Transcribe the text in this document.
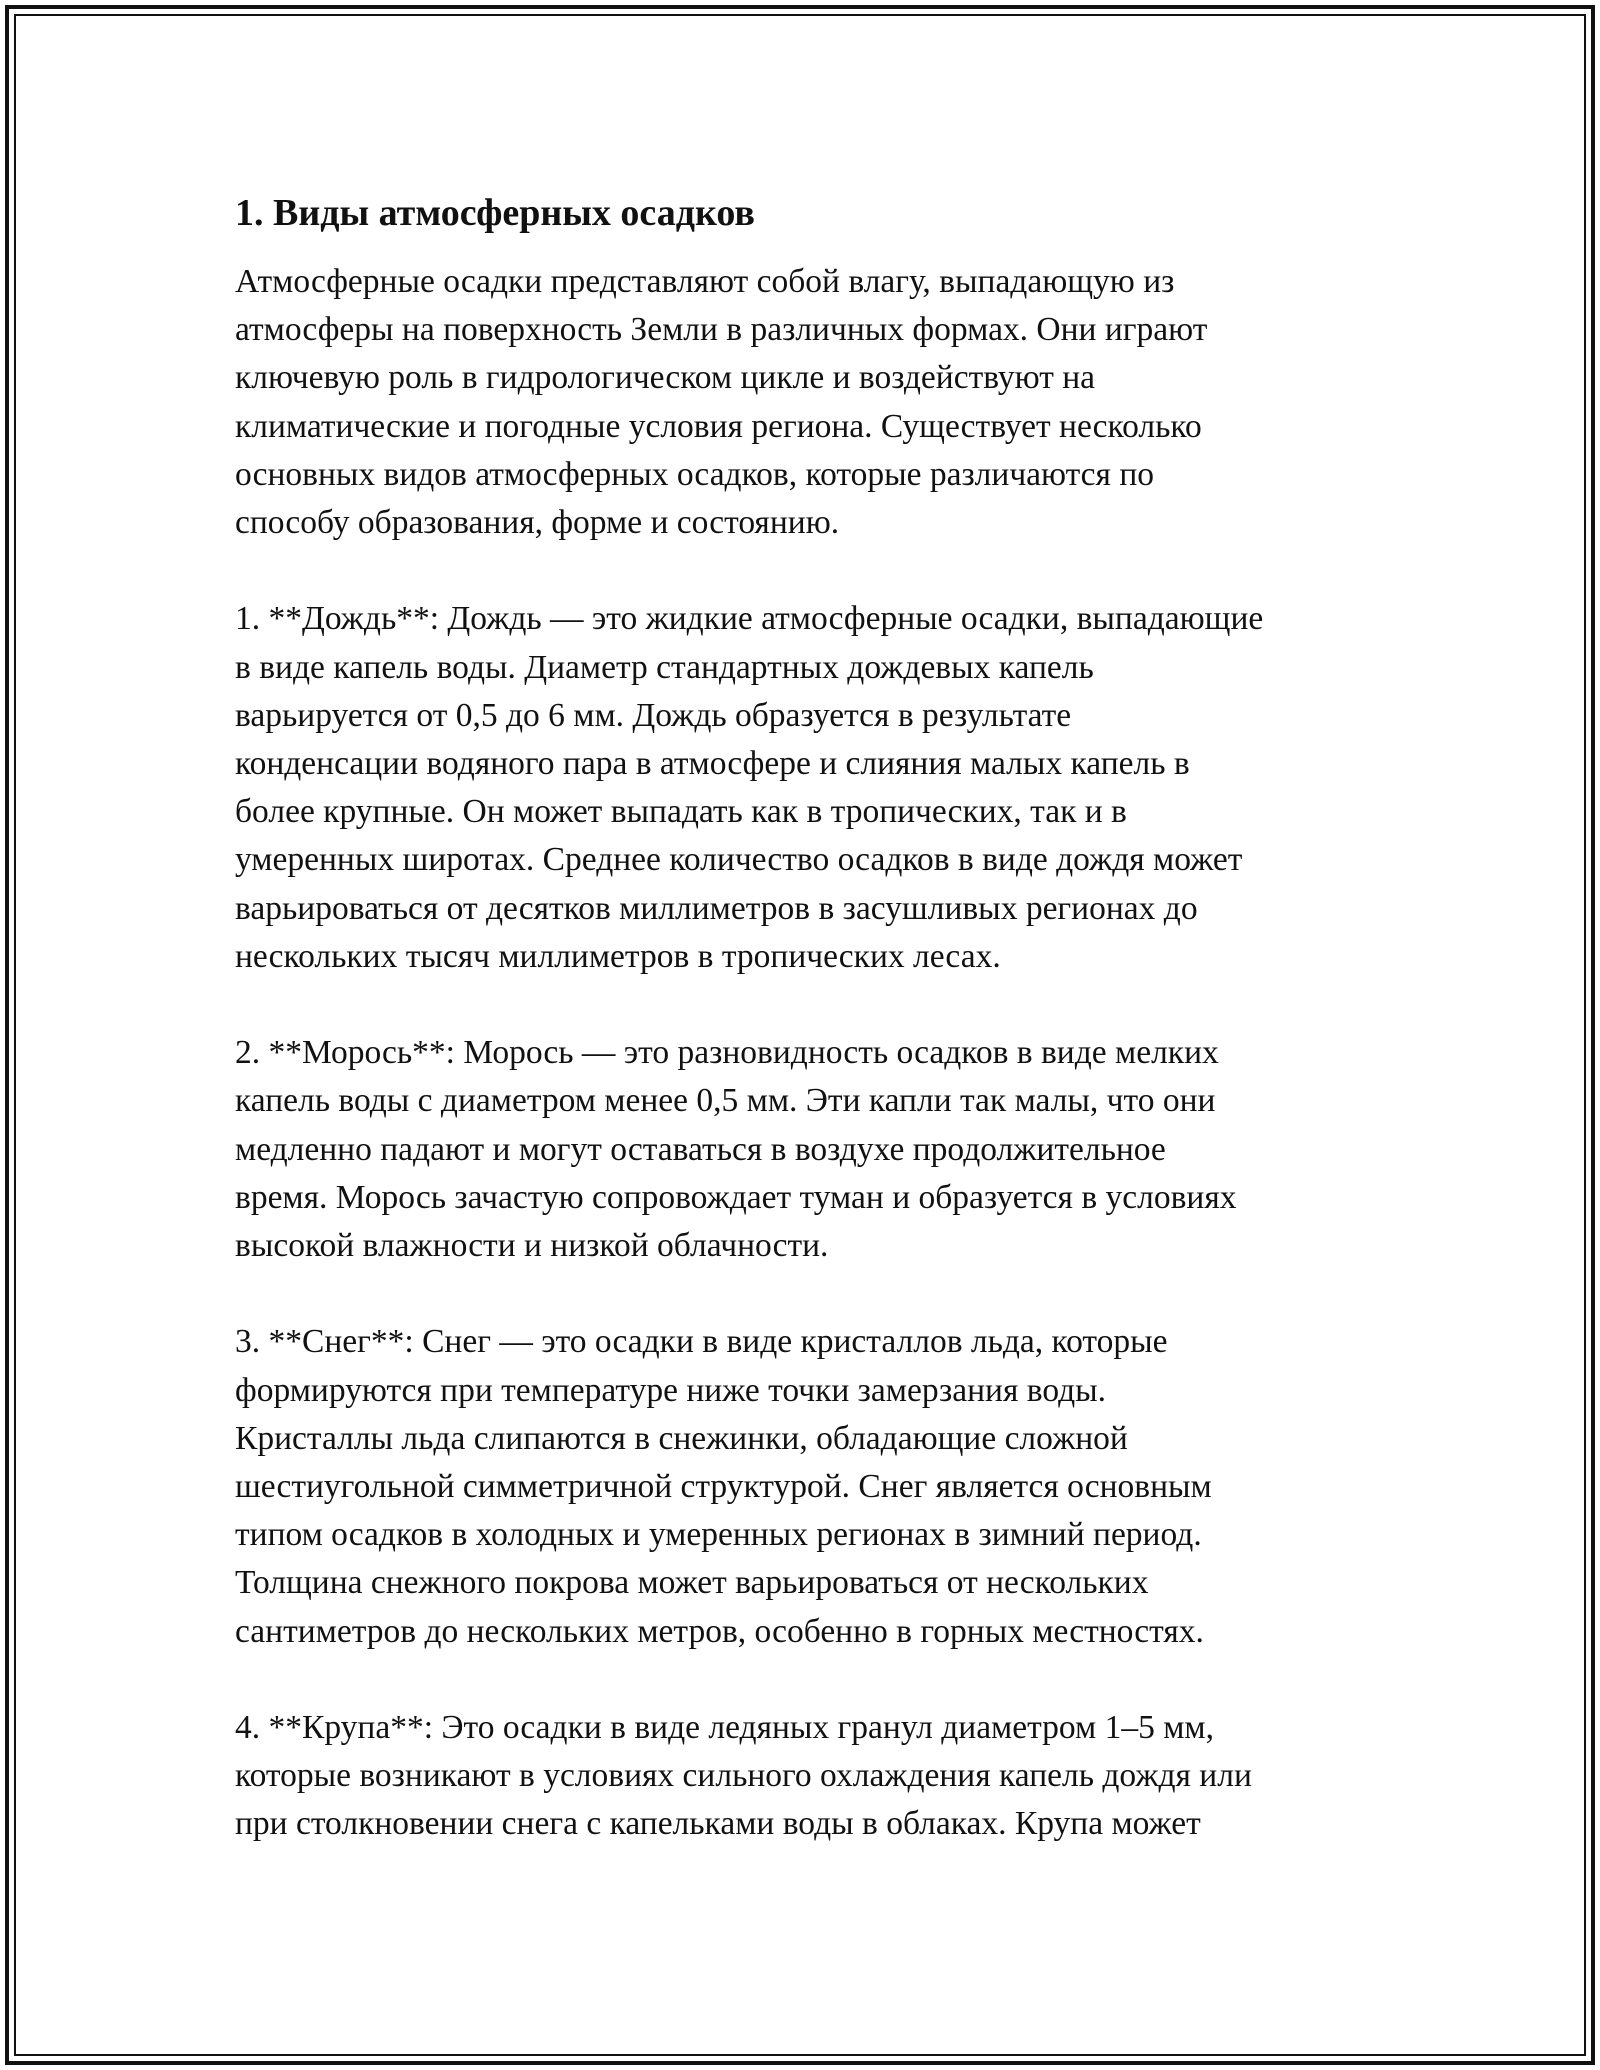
1. Виды атмосферных осадков

Атмосферные осадки представляют собой влагу, выпадающую из
атмосферы на поверхность Земли в различных формах. Они играют
ключевую роль в гидрологическом цикле и воздействуют на
климатические и погодные условия региона. Существует несколько
основных видов атмосферных осадков, которые различаются по
способу образования, форме и состоянию.

1. **Дождь**: Дождь — это жидкие атмосферные осадки, выпадающие
в виде капель воды. Диаметр стандартных дождевых капель
варьируется от 0,5 до 6 мм. Дождь образуется в результате
конденсации водяного пара в атмосфере и слияния малых капель в
более крупные. Он может выпадать как в тропических, так и в
умеренных широтах. Среднее количество осадков в виде дождя может
варьироваться от десятков миллиметров в засушливых регионах до
нескольких тысяч миллиметров в тропических лесах.

2. **Морось**: Морось — это разновидность осадков в виде мелких
капель воды с диаметром менее 0,5 мм. Эти капли так малы, что они
медленно падают и могут оставаться в воздухе продолжительное
время. Морось зачастую сопровождает туман и образуется в условиях
высокой влажности и низкой облачности.

3. **Снег**: Снег — это осадки в виде кристаллов льда, которые
формируются при температуре ниже точки замерзания воды.
Кристаллы льда слипаются в снежинки, обладающие сложной
шестиугольной симметричной структурой. Снег является основным
типом осадков в холодных и умеренных регионах в зимний период.
Толщина снежного покрова может варьироваться от нескольких
сантиметров до нескольких метров, особенно в горных местностях.

4. **Крупа**: Это осадки в виде ледяных гранул диаметром 1–5 мм,
которые возникают в условиях сильного охлаждения капель дождя или
при столкновении снега с капельками воды в облаках. Крупа может
